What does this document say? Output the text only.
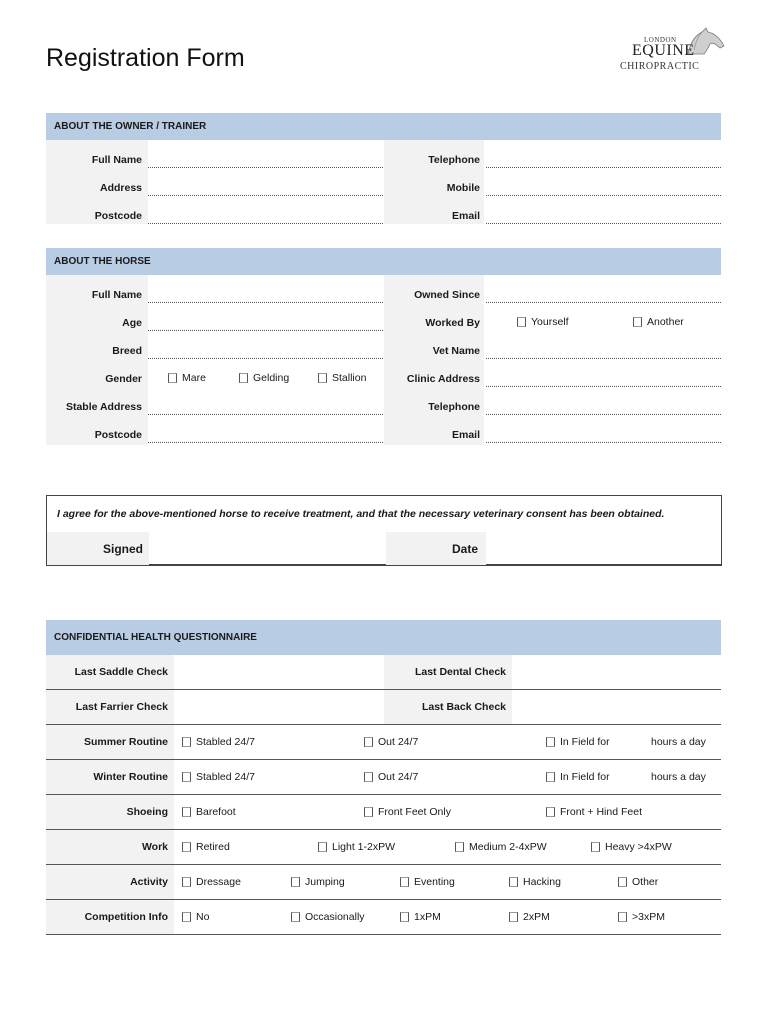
Registration Form
LONDON
EQUINE
CHIROPRACTIC
ABOUT THE OWNER / TRAINER
Full Name	Telephone
Address	Mobile
Postcode	Email
ABOUT THE HORSE
Full Name	Owned Since
Age	Worked By	Yourself	Another
Breed	Vet Name
Gender	Mare	Gelding	Stallion	Clinic Address
Stable Address	Telephone
Postcode	Email
I agree for the above-mentioned horse to receive treatment, and that the necessary veterinary consent has been obtained.
Signed	Date
CONFIDENTIAL HEALTH QUESTIONNAIRE
Last Saddle Check	Last Dental Check
Last Farrier Check	Last Back Check
Summer Routine	Stabled 24/7	Out 24/7	In Field for	hours a day
Winter Routine	Stabled 24/7	Out 24/7	In Field for	hours a day
Shoeing	Barefoot	Front Feet Only	Front + Hind Feet
Work	Retired	Light 1-2xPW	Medium 2-4xPW	Heavy >4xPW
Activity	Dressage	Jumping	Eventing	Hacking	Other
Competition Info	No	Occasionally	1xPM	2xPM	>3xPM
